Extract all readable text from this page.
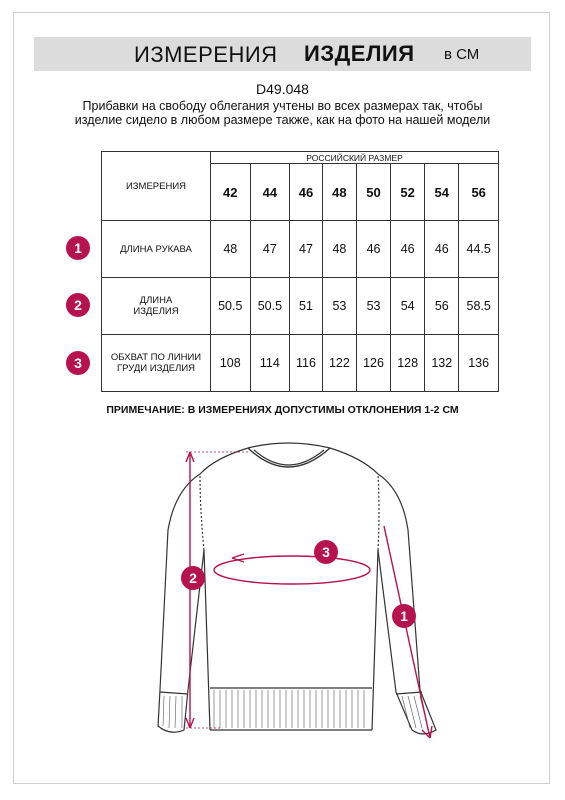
ИЗМЕРЕНИЯ ИЗДЕЛИЯ в СМ
D49.048
Прибавки на свободу облегания учтены во всех размерах так, чтобы изделие сидело в любом размере также, как на фото на нашей модели
ИЗМЕРЕНИЯ	РОССИЙСКИЙ РАЗМЕР							
	42	44	46	48	50	52	54	56
ДЛИНА РУКАВА	48	47	47	48	46	46	46	44.5
ДЛИНА ИЗДЕЛИЯ	50.5	50.5	51	53	53	54	56	58.5
ОБХВАТ ПО ЛИНИИ ГРУДИ ИЗДЕЛИЯ	108	114	116	122	126	128	132	136
1
2
3
ПРИМЕЧАНИЕ: В ИЗМЕРЕНИЯХ ДОПУСТИМЫ ОТКЛОНЕНИЯ 1-2 СМ
2
3
1
